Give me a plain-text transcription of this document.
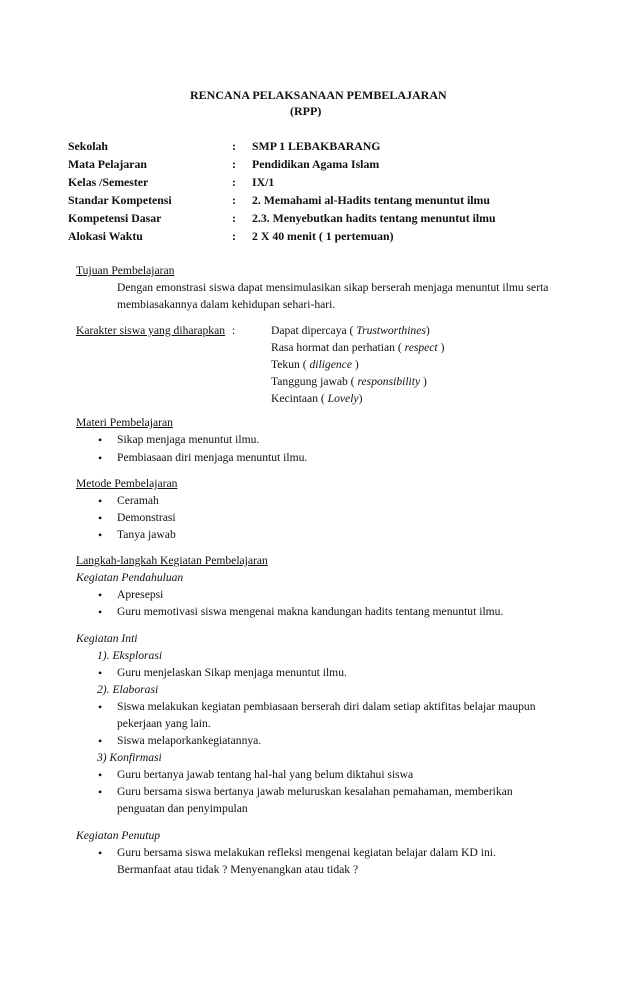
RENCANA PELAKSANAAN PEMBELAJARAN
(RPP)
Sekolah	: SMP 1 LEBAKBARANG
Mata Pelajaran	: Pendidikan Agama Islam
Kelas /Semester	: IX/1
Standar Kompetensi	: 2. Memahami al-Hadits tentang menuntut ilmu
Kompetensi Dasar	: 2.3. Menyebutkan hadits tentang menuntut ilmu
Alokasi Waktu	: 2 X 40 menit ( 1 pertemuan)
Tujuan Pembelajaran
Dengan emonstrasi siswa dapat mensimulasikan sikap berserah menjaga menuntut ilmu serta
membiasakannya dalam kehidupan sehari-hari.
Karakter siswa yang diharapkan :	Dapat dipercaya ( Trustworthines)
Rasa hormat dan perhatian ( respect )
Tekun ( diligence )
Tanggung jawab ( responsibility )
Kecintaan ( Lovely)
Materi Pembelajaran
• Sikap menjaga menuntut ilmu.
• Pembiasaan diri menjaga menuntut ilmu.
Metode Pembelajaran
• Ceramah
• Demonstrasi
• Tanya jawab
Langkah-langkah Kegiatan Pembelajaran
Kegiatan Pendahuluan
• Apresepsi
• Guru memotivasi siswa mengenai makna kandungan hadits tentang menuntut ilmu.
Kegiatan Inti
1). Eksplorasi
• Guru menjelaskan Sikap menjaga menuntut ilmu.
2). Elaborasi
• Siswa melakukan kegiatan pembiasaan berserah diri dalam setiap aktifitas belajar maupun
pekerjaan yang lain.
• Siswa melaporkankegiatannya.
3) Konfirmasi
• Guru bertanya jawab tentang hal-hal yang belum diktahui siswa
• Guru bersama siswa bertanya jawab meluruskan kesalahan pemahaman, memberikan
penguatan dan penyimpulan
Kegiatan Penutup
• Guru bersama siswa melakukan refleksi mengenai kegiatan belajar dalam KD ini.
Bermanfaat atau tidak ? Menyenangkan atau tidak ?
